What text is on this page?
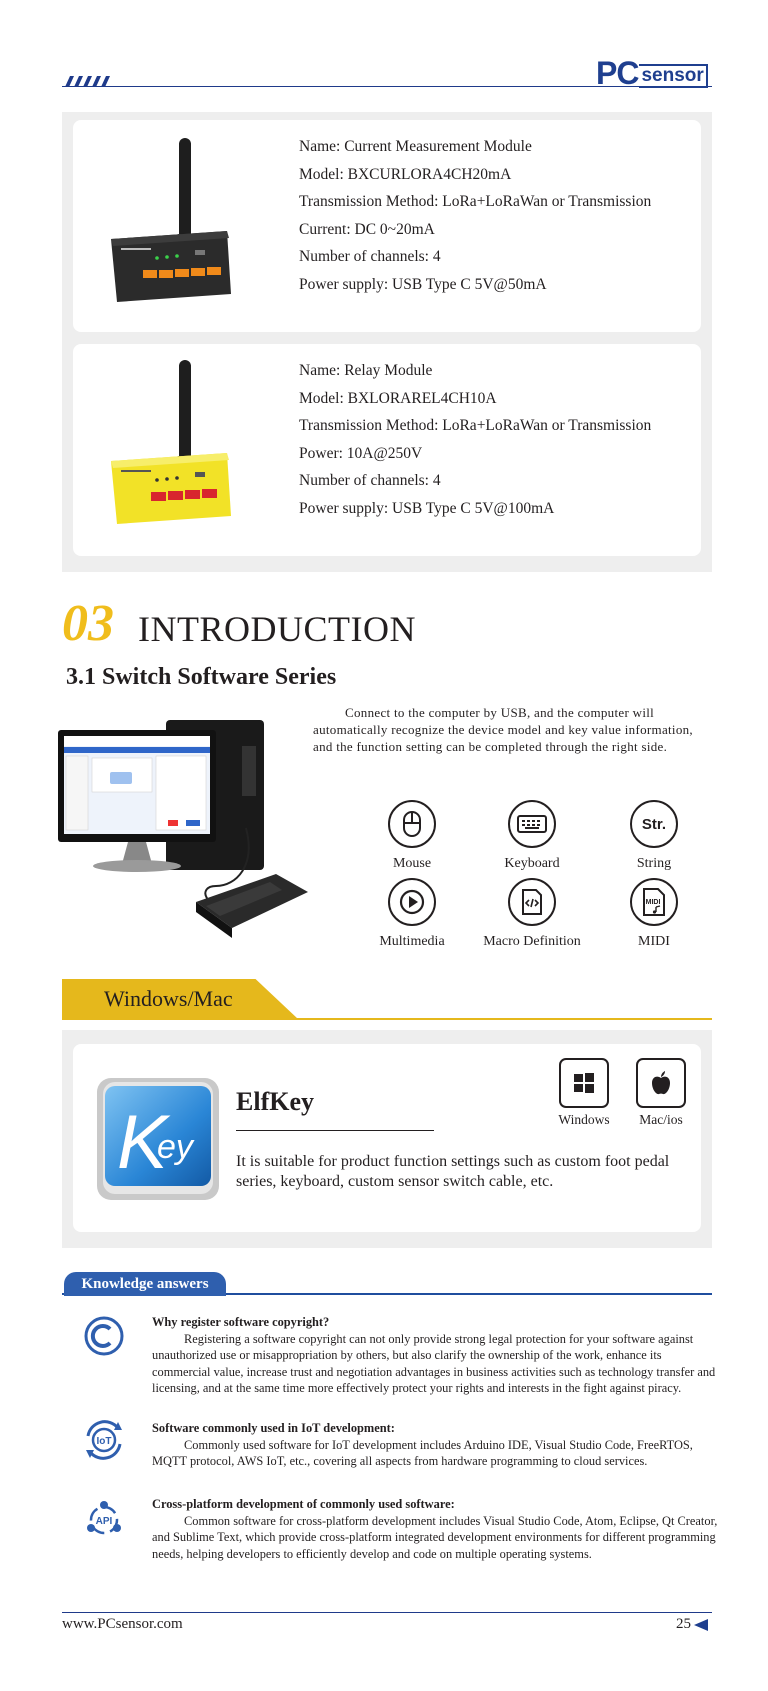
PC sensor
Name: Current Measurement Module
Model: BXCURLORA4CH20mA
Transmission Method: LoRa+LoRaWan or Transmission
Current: DC 0~20mA
Number of channels: 4
Power supply: USB Type C 5V@50mA
Name: Relay Module
Model: BXLORAREL4CH10A
Transmission Method: LoRa+LoRaWan or Transmission
Power: 10A@250V
Number of channels: 4
Power supply: USB Type C 5V@100mA
03 INTRODUCTION
3.1 Switch Software Series
Connect to the computer by USB, and the computer will automatically recognize the device model and key value information, and the function setting can be completed through the right side.
Mouse	Keyboard
Str.
String
Multimedia	Macro Definition
MIDI
MIDI
Windows/Mac
K
ey
Windows	Mac/ios
ElfKey
It is suitable for product function settings such as custom foot pedal series, keyboard, custom sensor switch cable, etc.
Knowledge answers
Why register software copyright?
Registering a software copyright can not only provide strong legal protection for your software against unauthorized use or misappropriation by others, but also clarify the ownership of the work, enhance its commercial value, increase trust and negotiation advantages in business activities such as technology transfer and licensing, and at the same time more effectively protect your rights and interests in the fight against piracy.
IoT
Software commonly used in IoT development:
Commonly used software for IoT development includes Arduino IDE, Visual Studio Code, FreeRTOS, MQTT protocol, AWS IoT, etc., covering all aspects from hardware programming to cloud services.
API
Cross-platform development of commonly used software:
Common software for cross-platform development includes Visual Studio Code, Atom, Eclipse, Qt Creator, and Sublime Text, which provide cross-platform integrated development environments for different programming needs, helping developers to efficiently develop and code on multiple operating systems.
www.PCsensor.com	25
